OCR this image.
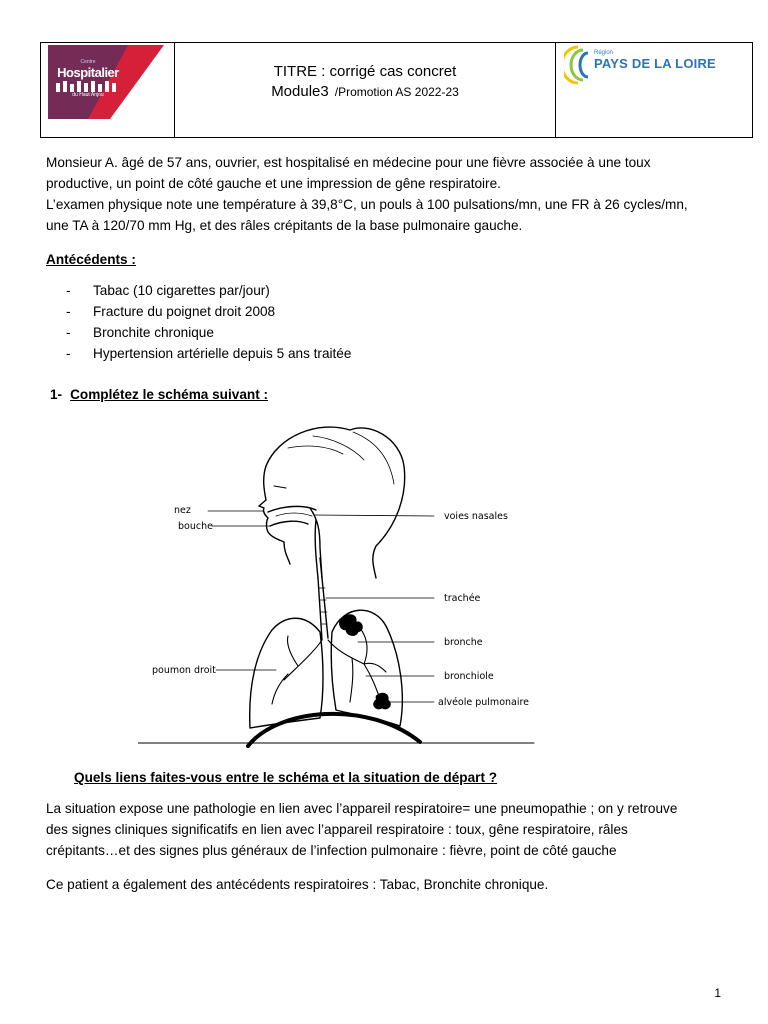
Centre
Hospitalier
du Haut Anjou
TITRE : corrigé cas concret
Module3 /Promotion AS 2022-23
Région
PAYS DE LA LOIRE

Monsieur A. âgé de 57 ans, ouvrier, est hospitalisé en médecine pour une fièvre associée à une toux

productive, un point de côté gauche et une impression de gêne respiratoire.

L’examen physique note une température à 39,8°C, un pouls à 100 pulsations/mn, une FR à 26 cycles/mn,

une TA à 120/70 mm Hg, et des râles crépitants de la base pulmonaire gauche.

Antécédents :
- Tabac (10 cigarettes par/jour)
- Fracture du poignet droit 2008
- Bronchite chronique
- Hypertension artérielle depuis 5 ans traitée
1- Complétez le schéma suivant :
nez
bouche
voies nasales
trachée
bronche
poumon droit
bronchiole
alvéole pulmonaire
Quels liens faites-vous entre le schéma et la situation de départ ?

La situation expose une pathologie en lien avec l’appareil respiratoire= une pneumopathie ; on y retrouve

des signes cliniques significatifs en lien avec l’appareil respiratoire : toux, gêne respiratoire, râles

crépitants…et des signes plus généraux de l’infection pulmonaire : fièvre, point de côté gauche

Ce patient a également des antécédents respiratoires : Tabac, Bronchite chronique.
1
